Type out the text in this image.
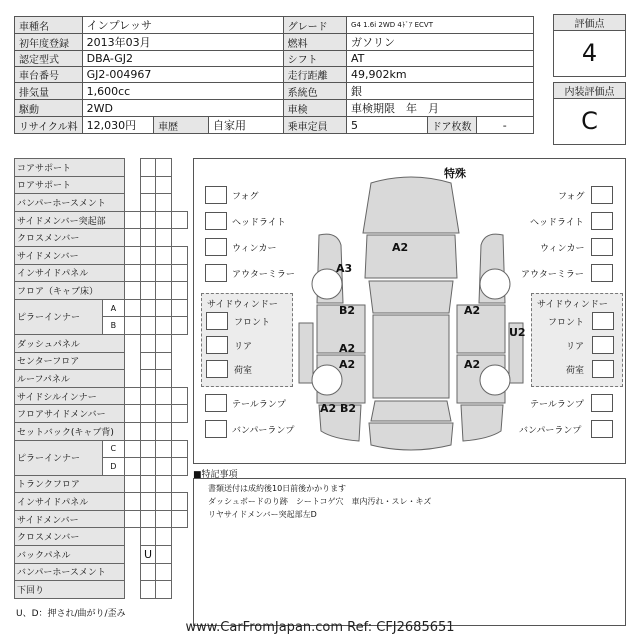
車種名	インプレッサ			グレード	G4 1.6i 2WD 4ﾄﾞｱ ECVT		
初年度登録	2013年03月			燃料	ガソリン		
認定型式	DBA-GJ2			シフト	AT		
車台番号	GJ2-004967			走行距離	49,902km		
排気量	1,600cc			系統色	銀		
駆動	2WD			車検	車検期限　年　月		
リサイクル料	12,030円	車歴	自家用	乗車定員	5	ドア枚数	-
評価点
4
内装評価点
C
コアサポート					
ロアサポート					
バンパーホースメント					
サイドメンバー突起部					
クロスメンバー					
サイドメンバー					
インサイドパネル					
フロア（キャブ床）					
ピラーインナー	A				
	B				
ダッシュパネル					
センターフロア					
ルーフパネル					
サイドシルインナー					
フロアサイドメンバー					
セットバック(キャブ背)					
ピラーインナー	C				
	D				
トランクフロア					
インサイドパネル					
サイドメンバー					
クロスメンバー					
バックパネル			U		
バンパーホースメント					
下回り					
U、D：押され/曲がり/歪み
特殊
フォグ
ヘッドライト
ウィンカー
アウターミラー
サイドウィンドー
フロント
リア
荷室
テールランプ
バンパーランプ
フォグ
ヘッドライト
ウィンカー
アウターミラー
サイドウィンドー
フロント
リア
荷室
テールランプ
バンパーランプ
A2
A3
B2
A2
A2
A2
U2
A2
A2 B2
■特記事項
書類送付は成約後10日前後かかります
ダッシュボードのり跡　シートコゲ穴　車内汚れ・スレ・キズ
リヤサイドメンバー突起部左D
www.CarFromJapan.com Ref: CFJ2685651
